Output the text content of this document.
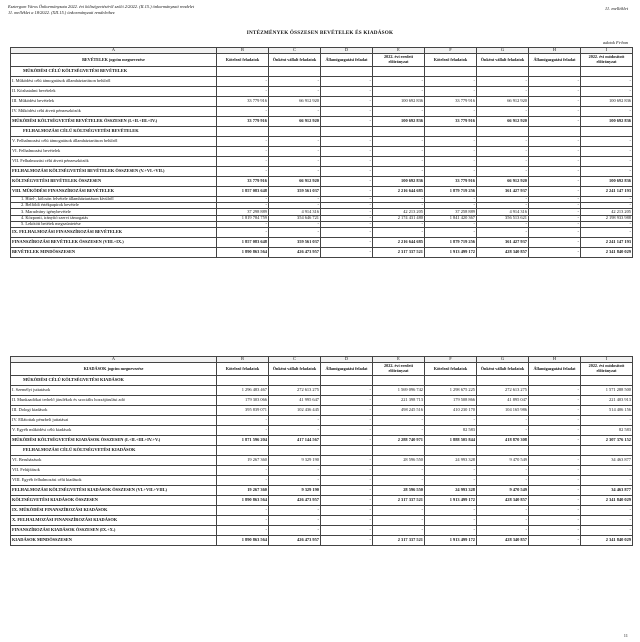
Esztergom Város Önkormányzata 2022. évi költségvetéséről szóló 2/2022. (II.15.) önkormányzati rendelet
11. melléklet a 18/2022. (XII.15.) önkormányzati rendelethez
11. melléklet
INTÉZMÉNYEK ÖSSZESEN BEVÉTELEK ÉS KIADÁSOK
adatok Ft-ban
A	B	C	D	E	F	G	H	I
BEVÉTELEK jogcím megnevezése	Kötelező feladatok	Önként vállalt feladatok	Államigazgatási feladat	2022. évi eredeti előirányzat	Kötelező feladatok	Önként vállalt feladatok	Államigazgatási feladat	2022. évi módosított előirányzat
MŰKÖDÉSI CÉLÚ KÖLTSÉGVETÉSI BEVÉTELEK								
I. Működési célú támogatások államháztartáson belülről	-	-	-	-	-	-	-	-
II. Közhatalmi bevételek	-	-	-	-	-	-	-	-
III. Működési bevételek	33 779 916	66 912 920	-	100 692 836	33 779 916	66 912 920	-	100 692 836
IV. Működési célú átvett pénzeszközök	-	-	-	-	-	-	-	-
MŰKÖDÉSI KÖLTSÉGVETÉSI BEVÉTELEK ÖSSZESEN (I.+II.+III.+IV.)	33 779 916	66 912 920	-	100 692 836	33 779 916	66 912 920	-	100 692 836
FELHALMOZÁSI CÉLÚ KÖLTSÉGVETÉSI BEVÉTELEK								
V. Felhalmozási célú támogatások államháztartáson belülről	-	-	-	-	-	-	-	-
VI. Felhalmozási bevételek	-	-	-	-	-	-	-	-
VII. Felhalmozási célú átvett pénzeszközök	-	-	-	-	-	-	-	-
FELHALMOZÁSI KÖLTSÉGVETÉSI BEVÉTELEK ÖSSZESEN (V.+VI.+VII.)	-	-	-	-	-	-	-	-
KÖLTSÉGVETÉSI BEVÉTELEK ÖSSZESEN	33 779 916	66 912 920	-	100 692 836	33 779 916	66 912 920	-	100 692 836
VIII. MŰKÖDÉSI FINANSZÍROZÁSI BEVÉTELEK	1 857 083 648	359 561 037	-	2 216 644 685	1 879 719 256	361 427 937	-	2 241 147 193
1. Hitel-, kölcsön felvétele államháztartáson kívülről	-	-	-	-	-	-	-	-
2. Belföldi értékpapírok bevétele	-	-	-	-	-	-	-	-
3. Maradvány igénybevétele	37 298 889	4 914 316	-	42 213 205	37 258 889	4 914 316	-	42 213 205
4. Központi, irányító szervi támogatás	1 819 784 759	354 646 721	-	2 174 431 480	1 841 420 367	356 513 621	-	2 198 933 988
5. Lekötött betétek megszüntetése	-	-	-	-	-	-	-	-
IX. FELHALMOZÁSI FINANSZÍROZÁSI BEVÉTELEK	-	-	-	-	-	-	-	-
FINANSZÍROZÁSI BEVÉTELEK ÖSSZESEN (VIII.+IX.)	1 857 083 648	359 561 037	-	2 216 644 685	1 879 719 256	361 427 937	-	2 241 147 193
BEVÉTELEK MINDÖSSZESEN	1 890 863 564	426 473 957	-	2 317 337 521	1 913 499 172	428 340 857	-	2 341 840 029
A	B	C	D	E	F	G	H	I
KIADÁSOK jogcím megnevezése	Kötelező feladatok	Önként vállalt feladatok	Államigazgatási feladat	2022. évi eredeti előirányzat	Kötelező feladatok	Önként vállalt feladatok	Államigazgatási feladat	2022. évi módosított előirányzat
MŰKÖDÉSI CÉLÚ KÖLTSÉGVETÉSI KIADÁSOK								
I. Személyi juttatások	1 296 483 467	272 613 275	-	1 569 096 742	1 298 675 225	272 613 275	-	1 571 288 500
II. Munkaadókat terhelő járulékok és szociális hozzájárulási adó	179 303 066	41 995 647	-	221 398 713	179 508 866	41 895 047	-	221 403 913
III. Dologi kiadások	395 839 071	102 436 445	-	498 245 516	410 230 170	104 165 986	-	514 406 156
IV. Ellátottak pénzbeli juttatásai	-	-	-	-	-	-	-	-
V. Egyéb működési célú kiadások	-	-	-	-	82 583	-	-	82 583
MŰKÖDÉSI KÖLTSÉGVETÉSI KIADÁSOK ÖSSZESEN (I.+II.+III.+IV.+V.)	1 871 596 204	417 144 567	-	2 288 740 971	1 888 505 844	418 870 308	-	2 307 376 152
FELHALMOZÁSI CÉLÚ KÖLTSÉGVETÉSI KIADÁSOK								
VI. Beruházások	19 267 360	9 329 190	-	28 596 550	24 993 328	9 470 549	-	34 463 877
VII. Felújítások	-	-	-	-	-	-	-	-
VIII. Egyéb felhalmozási célú kiadások	-	-	-	-	-	-	-	-
FELHALMOZÁSI KÖLTSÉGVETÉSI KIADÁSOK ÖSSZESEN (VI.+VII.+VIII.)	19 267 360	9 329 190	-	28 596 550	24 993 328	9 470 549	-	34 463 877
KÖLTSÉGVETÉSI KIADÁSOK ÖSSZESEN	1 890 863 564	426 473 957	-	2 317 337 521	1 913 499 172	428 340 857	-	2 341 840 029
IX. MŰKÖDÉSI FINANSZÍROZÁSI KIADÁSOK	-	-	-	-	-	-	-	-
X. FELHALMOZÁSI FINANSZÍROZÁSI KIADÁSOK	-	-	-	-	-	-	-	-
FINANSZÍROZÁSI KIADÁSOK ÖSSZESEN (IX.+X.)	-	-	-	-	-	-	-	-
KIADÁSOK MINDÖSSZESEN	1 890 863 564	426 473 957	-	2 317 337 521	1 913 499 172	428 340 857	-	2 341 840 029
11
